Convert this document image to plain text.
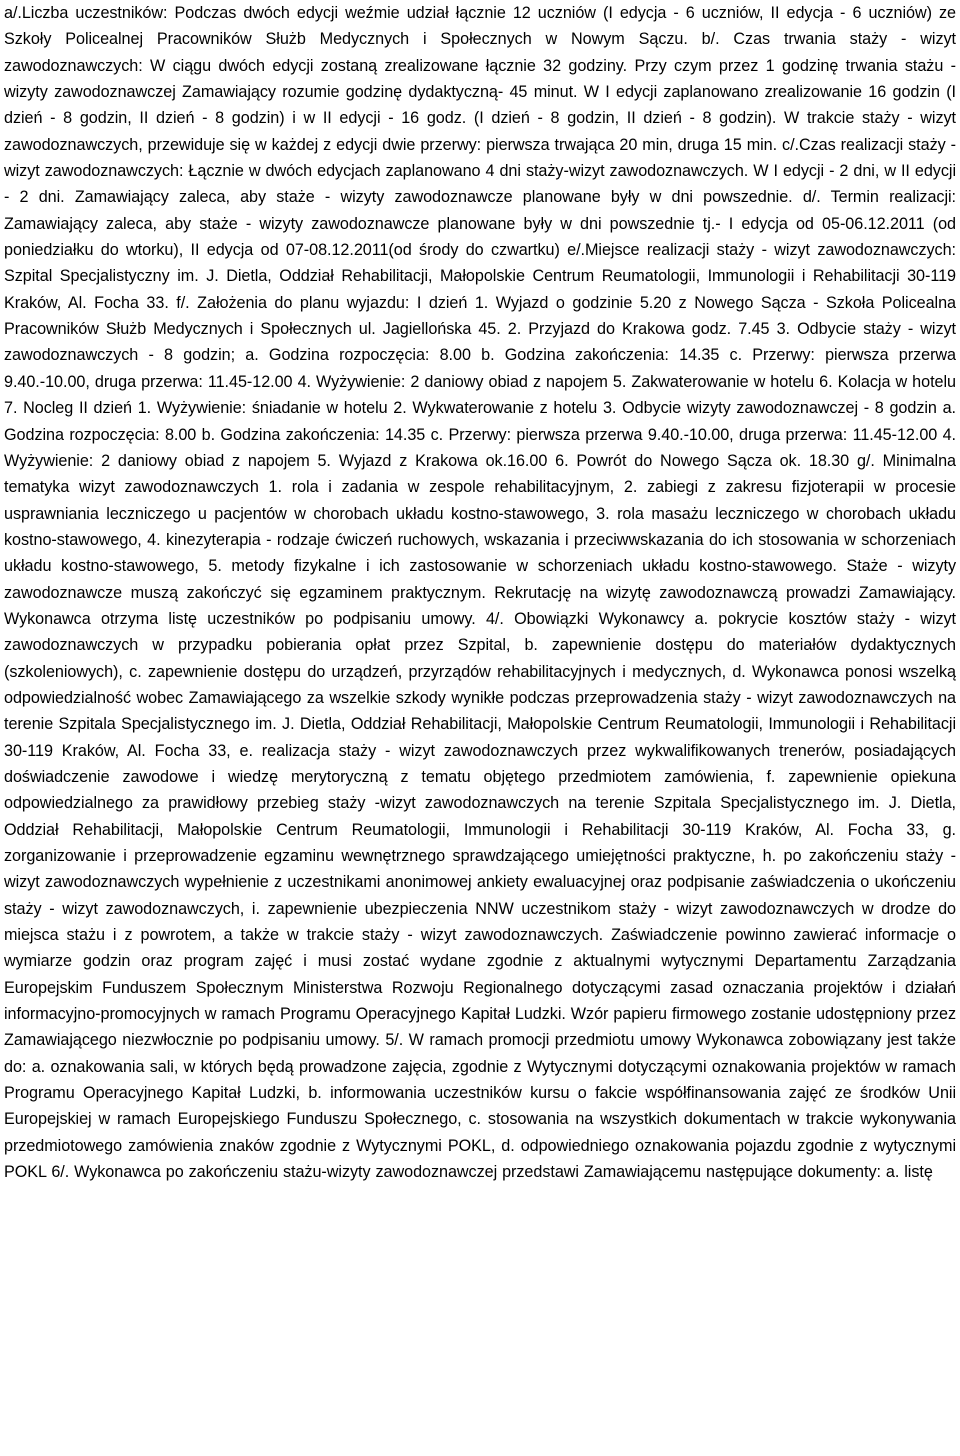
a/.Liczba uczestników: Podczas dwóch edycji weźmie udział łącznie 12 uczniów (I edycja - 6 uczniów, II edycja - 6 uczniów) ze Szkoły Policealnej Pracowników Służb Medycznych i Społecznych w Nowym Sączu. b/. Czas trwania staży - wizyt zawodoznawczych: W ciągu dwóch edycji zostaną zrealizowane łącznie 32 godziny. Przy czym przez 1 godzinę trwania stażu - wizyty zawodoznawczej Zamawiający rozumie godzinę dydaktyczną- 45 minut. W I edycji zaplanowano zrealizowanie 16 godzin (I dzień - 8 godzin, II dzień - 8 godzin) i w II edycji - 16 godz. (I dzień - 8 godzin, II dzień - 8 godzin). W trakcie staży - wizyt zawodoznawczych, przewiduje się w każdej z edycji dwie przerwy: pierwsza trwająca 20 min, druga 15 min. c/.Czas realizacji staży - wizyt zawodoznawczych: Łącznie w dwóch edycjach zaplanowano 4 dni staży-wizyt zawodoznawczych. W I edycji - 2 dni, w II edycji - 2 dni. Zamawiający zaleca, aby staże - wizyty zawodoznawcze planowane były w dni powszednie. d/. Termin realizacji: Zamawiający zaleca, aby staże - wizyty zawodoznawcze planowane były w dni powszednie tj.- I edycja od 05-06.12.2011 (od poniedziałku do wtorku), II edycja od 07-08.12.2011(od środy do czwartku) e/.Miejsce realizacji staży - wizyt zawodoznawczych: Szpital Specjalistyczny im. J. Dietla, Oddział Rehabilitacji, Małopolskie Centrum Reumatologii, Immunologii i Rehabilitacji 30-119 Kraków, Al. Focha 33. f/. Założenia do planu wyjazdu: I dzień 1. Wyjazd o godzinie 5.20 z Nowego Sącza - Szkoła Policealna Pracowników Służb Medycznych i Społecznych ul. Jagiellońska 45. 2. Przyjazd do Krakowa godz. 7.45 3. Odbycie staży - wizyt zawodoznawczych - 8 godzin; a. Godzina rozpoczęcia: 8.00 b. Godzina zakończenia: 14.35 c. Przerwy: pierwsza przerwa 9.40.-10.00, druga przerwa: 11.45-12.00 4. Wyżywienie: 2 daniowy obiad z napojem 5. Zakwaterowanie w hotelu 6. Kolacja w hotelu 7. Nocleg II dzień 1. Wyżywienie: śniadanie w hotelu 2. Wykwaterowanie z hotelu 3. Odbycie wizyty zawodoznawczej - 8 godzin a. Godzina rozpoczęcia: 8.00 b. Godzina zakończenia: 14.35 c. Przerwy: pierwsza przerwa 9.40.-10.00, druga przerwa: 11.45-12.00 4. Wyżywienie: 2 daniowy obiad z napojem 5. Wyjazd z Krakowa ok.16.00 6. Powrót do Nowego Sącza ok. 18.30 g/. Minimalna tematyka wizyt zawodoznawczych 1. rola i zadania w zespole rehabilitacyjnym, 2. zabiegi z zakresu fizjoterapii w procesie usprawniania leczniczego u pacjentów w chorobach układu kostno-stawowego, 3. rola masażu leczniczego w chorobach układu kostno-stawowego, 4. kinezyterapia - rodzaje ćwiczeń ruchowych, wskazania i przeciwwskazania do ich stosowania w schorzeniach układu kostno-stawowego, 5. metody fizykalne i ich zastosowanie w schorzeniach układu kostno-stawowego. Staże - wizyty zawodoznawcze muszą zakończyć się egzaminem praktycznym. Rekrutację na wizytę zawodoznawczą prowadzi Zamawiający. Wykonawca otrzyma listę uczestników po podpisaniu umowy. 4/. Obowiązki Wykonawcy a. pokrycie kosztów staży - wizyt zawodoznawczych w przypadku pobierania opłat przez Szpital, b. zapewnienie dostępu do materiałów dydaktycznych (szkoleniowych), c. zapewnienie dostępu do urządzeń, przyrządów rehabilitacyjnych i medycznych, d. Wykonawca ponosi wszelką odpowiedzialność wobec Zamawiającego za wszelkie szkody wynikłe podczas przeprowadzenia staży - wizyt zawodoznawczych na terenie Szpitala Specjalistycznego im. J. Dietla, Oddział Rehabilitacji, Małopolskie Centrum Reumatologii, Immunologii i Rehabilitacji 30-119 Kraków, Al. Focha 33, e. realizacja staży - wizyt zawodoznawczych przez wykwalifikowanych trenerów, posiadających doświadczenie zawodowe i wiedzę merytoryczną z tematu objętego przedmiotem zamówienia, f. zapewnienie opiekuna odpowiedzialnego za prawidłowy przebieg staży -wizyt zawodoznawczych na terenie Szpitala Specjalistycznego im. J. Dietla, Oddział Rehabilitacji, Małopolskie Centrum Reumatologii, Immunologii i Rehabilitacji 30-119 Kraków, Al. Focha 33, g. zorganizowanie i przeprowadzenie egzaminu wewnętrznego sprawdzającego umiejętności praktyczne, h. po zakończeniu staży - wizyt zawodoznawczych wypełnienie z uczestnikami anonimowej ankiety ewaluacyjnej oraz podpisanie zaświadczenia o ukończeniu staży - wizyt zawodoznawczych, i. zapewnienie ubezpieczenia NNW uczestnikom staży - wizyt zawodoznawczych w drodze do miejsca stażu i z powrotem, a także w trakcie staży - wizyt zawodoznawczych. Zaświadczenie powinno zawierać informacje o wymiarze godzin oraz program zajęć i musi zostać wydane zgodnie z aktualnymi wytycznymi Departamentu Zarządzania Europejskim Funduszem Społecznym Ministerstwa Rozwoju Regionalnego dotyczącymi zasad oznaczania projektów i działań informacyjno-promocyjnych w ramach Programu Operacyjnego Kapitał Ludzki. Wzór papieru firmowego zostanie udostępniony przez Zamawiającego niezwłocznie po podpisaniu umowy. 5/. W ramach promocji przedmiotu umowy Wykonawca zobowiązany jest także do: a. oznakowania sali, w których będą prowadzone zajęcia, zgodnie z Wytycznymi dotyczącymi oznakowania projektów w ramach Programu Operacyjnego Kapitał Ludzki, b. informowania uczestników kursu o fakcie współfinansowania zajęć ze środków Unii Europejskiej w ramach Europejskiego Funduszu Społecznego, c. stosowania na wszystkich dokumentach w trakcie wykonywania przedmiotowego zamówienia znaków zgodnie z Wytycznymi POKL, d. odpowiedniego oznakowania pojazdu zgodnie z wytycznymi POKL 6/. Wykonawca po zakończeniu stażu-wizyty zawodoznawczej przedstawi Zamawiającemu następujące dokumenty: a. listę
